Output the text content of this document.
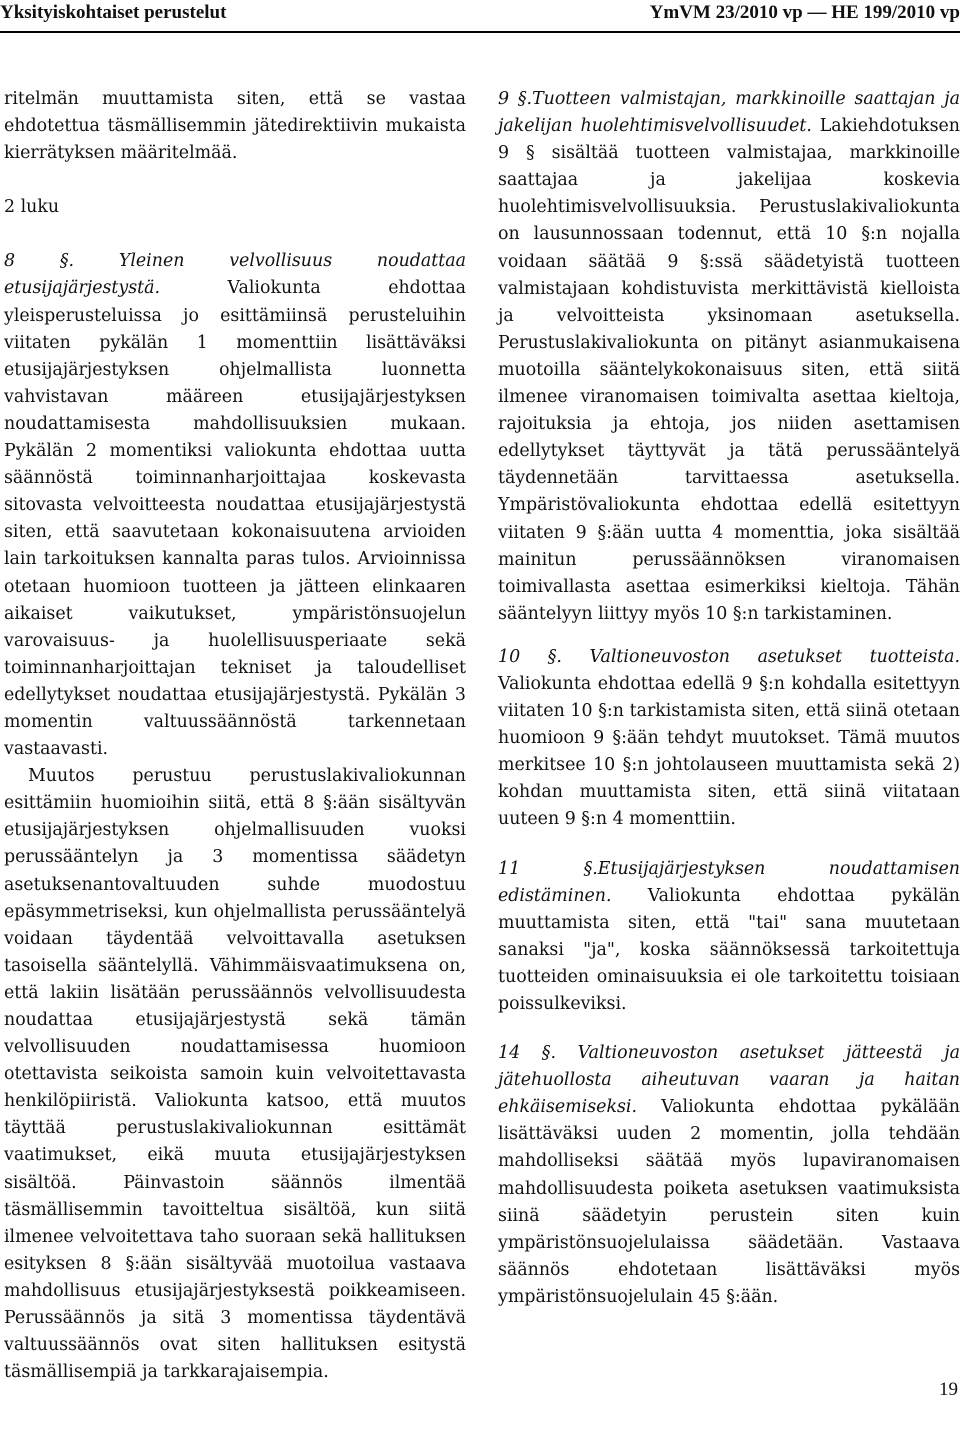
Yksityiskohtaiset perustelut	YmVM 23/2010 vp — HE 199/2010 vp

ritelmän muuttamista siten, että se vastaa ehdotettua täsmällisemmin jätedirektiivin mukaista kierrätyksen määritelmää.

2 luku

8 §. Yleinen velvollisuus noudattaa etusijajärjestystä.	Valiokunta ehdottaa yleisperusteluissa jo esittämiinsä perusteluihin viitaten pykälän 1 momenttiin lisättäväksi etusijajärjestyksen ohjelmallista luonnetta vahvistavan määreen etusijajärjestyksen noudattamisesta mahdollisuuksien mukaan. Pykälän 2 momentiksi valiokunta ehdottaa uutta säännöstä toiminnanharjoittajaa koskevasta sitovasta velvoitteesta noudattaa etusijajärjestystä siten, että saavutetaan kokonaisuutena arvioiden lain tarkoituksen kannalta paras tulos. Arvioinnissa otetaan huomioon tuotteen ja jätteen elinkaaren aikaiset vaikutukset, ympäristönsuojelun varovaisuus- ja huolellisuusperiaate sekä toiminnanharjoittajan tekniset ja taloudelliset edellytykset noudattaa etusijajärjestystä. Pykälän 3 momentin valtuussäännöstä tarkennetaan vastaavasti.

Muutos perustuu perustuslakivaliokunnan esittämiin huomioihin siitä, että 8 §:ään sisältyvän etusijajärjestyksen ohjelmallisuuden vuoksi perussääntelyn ja 3 momentissa säädetyn asetuksenantovaltuuden suhde muodostuu epäsymmetriseksi, kun ohjelmallista perussääntelyä voidaan täydentää velvoittavalla asetuksen tasoisella sääntelyllä. Vähimmäisvaatimuksena on, että lakiin lisätään perussäännös velvollisuudesta noudattaa etusijajärjestystä sekä tämän velvollisuuden noudattamisessa huomioon otettavista seikoista samoin kuin velvoitettavasta henkilöpiiristä. Valiokunta katsoo, että muutos täyttää perustuslakivaliokunnan esittämät vaatimukset, eikä muuta etusijajärjestyksen sisältöä. Päinvastoin säännös ilmentää täsmällisemmin tavoitteltua sisältöä, kun siitä ilmenee velvoitettava taho suoraan sekä hallituksen esityksen 8 §:ään sisältyvää muotoilua vastaava mahdollisuus etusijajärjestyksestä poikkeamiseen. Perussäännös ja sitä 3 momentissa täydentävä valtuussäännös ovat siten hallituksen esitystä täsmällisempiä ja tarkkarajaisempia.

9 §.Tuotteen valmistajan, markkinoille saattajan ja jakelijan huolehtimisvelvollisuudet. Lakiehdotuksen 9 § sisältää tuotteen valmistajaa, markkinoille saattajaa ja jakelijaa koskevia huolehtimisvelvollisuuksia. Perustuslakivaliokunta on lausunnossaan todennut, että 10 §:n nojalla voidaan säätää 9 §:ssä säädetyistä tuotteen valmistajaan kohdistuvista merkittävistä kielloista ja velvoitteista yksinomaan asetuksella. Perustuslakivaliokunta on pitänyt asianmukaisena muotoilla sääntelykokonaisuus siten, että siitä ilmenee viranomaisen toimivalta asettaa kieltoja, rajoituksia ja ehtoja, jos niiden asettamisen edellytykset täyttyvät ja tätä perussääntelyä täydennetään tarvittaessa asetuksella. Ympäristövaliokunta ehdottaa edellä esitettyyn viitaten 9 §:ään uutta 4 momenttia, joka sisältää mainitun perussäännöksen viranomaisen toimivallasta asettaa esimerkiksi kieltoja. Tähän sääntelyyn liittyy myös 10 §:n tarkistaminen.

10 §. Valtioneuvoston asetukset tuotteista. Valiokunta ehdottaa edellä 9 §:n kohdalla esitettyyn viitaten 10 §:n tarkistamista siten, että siinä otetaan huomioon 9 §:ään tehdyt muutokset. Tämä muutos merkitsee 10 §:n johtolauseen muuttamista sekä 2) kohdan muuttamista siten, että siinä viitataan uuteen 9 §:n 4 momenttiin.

11 §.Etusijajärjestyksen noudattamisen edistäminen. Valiokunta ehdottaa pykälän muuttamista siten, että "tai" sana muutetaan sanaksi "ja", koska säännöksessä tarkoitettuja tuotteiden ominaisuuksia ei ole tarkoitettu toisiaan poissulkeviksi.

14 §. Valtioneuvoston asetukset jätteestä ja jätehuollosta aiheutuvan vaaran ja haitan ehkäisemiseksi. Valiokunta ehdottaa pykälään lisättäväksi uuden 2 momentin, jolla tehdään mahdolliseksi säätää myös lupaviranomaisen mahdollisuudesta poiketa asetuksen vaatimuksista siinä säädetyin perustein siten kuin ympäristönsuojelulaissa säädetään. Vastaava säännös ehdotetaan lisättäväksi myös ympäristönsuojelulain 45 §:ään.

19
